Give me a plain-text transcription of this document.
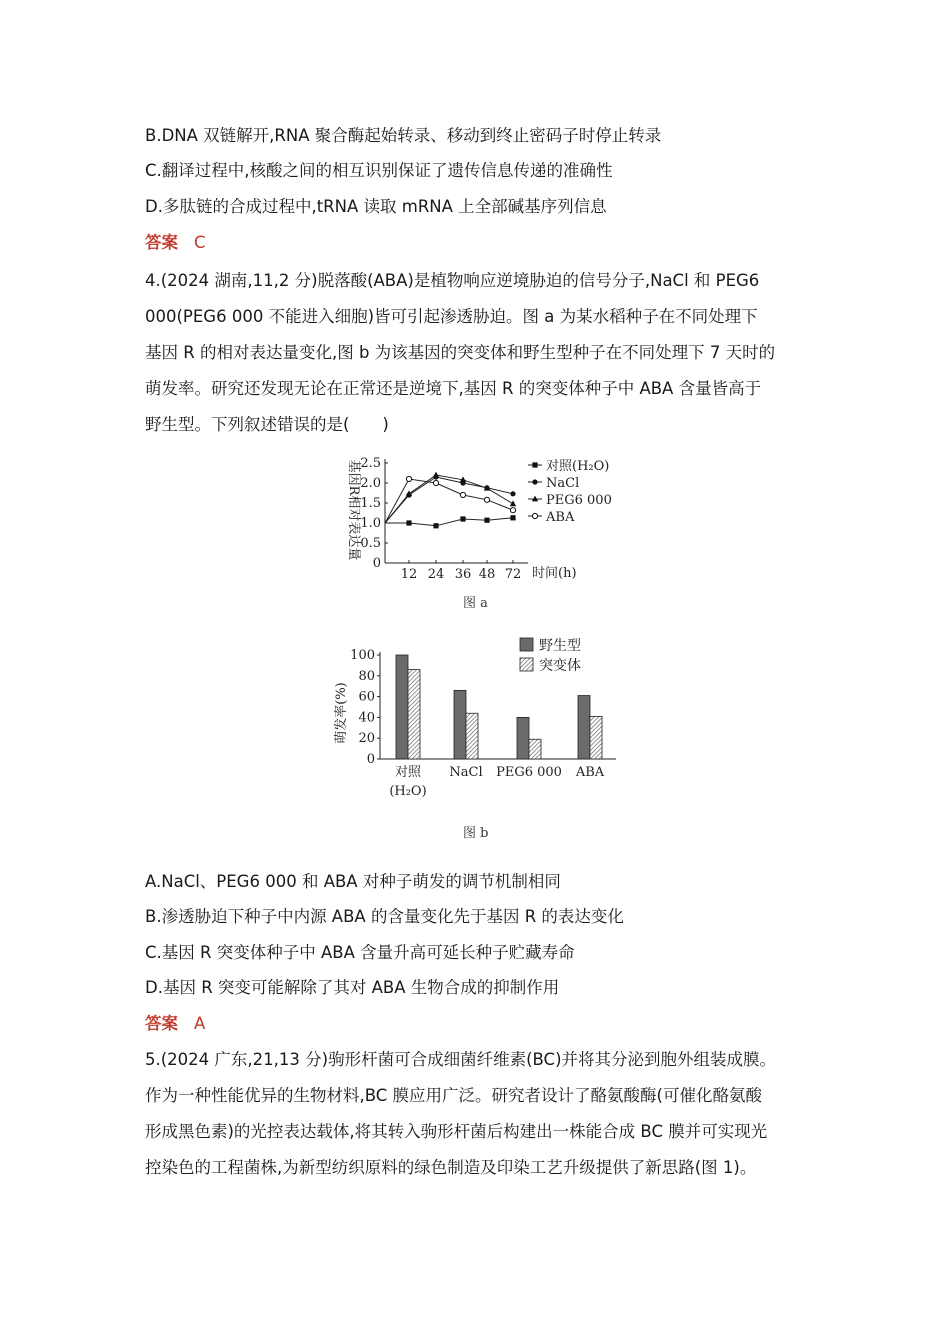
B.DNA 双链解开,RNA 聚合酶起始转录、移动到终止密码子时停止转录
C.翻译过程中,核酸之间的相互识别保证了遗传信息传递的准确性
D.多肽链的合成过程中,tRNA 读取 mRNA 上全部碱基序列信息
答案 C
4.(2024 湖南,11,2 分)脱落酸(ABA)是植物响应逆境胁迫的信号分子,NaCl 和 PEG6
000(PEG6 000 不能进入细胞)皆可引起渗透胁迫。图 a 为某水稻种子在不同处理下
基因 R 的相对表达量变化,图 b 为该基因的突变体和野生型种子在不同处理下 7 天时的
萌发率。研究还发现无论在正常还是逆境下,基因 R 的突变体种子中 ABA 含量皆高于
野生型。下列叙述错误的是(　　)
0
0.5
1.0
1.5
2.0
2.5
12 24 36 48 72
对照(H₂O)
NaCl
PEG6 000
ABA
基因R相对表达量
时间(h)
图 a
0
20
40
60
80
100
对照
(H₂O)
NaCl PEG6 000 ABA
野生型
突变体
萌发率(%)
图 b
A.NaCl、PEG6 000 和 ABA 对种子萌发的调节机制相同
B.渗透胁迫下种子中内源 ABA 的含量变化先于基因 R 的表达变化
C.基因 R 突变体种子中 ABA 含量升高可延长种子贮藏寿命
D.基因 R 突变可能解除了其对 ABA 生物合成的抑制作用
答案 A
5.(2024 广东,21,13 分)驹形杆菌可合成细菌纤维素(BC)并将其分泌到胞外组装成膜。
作为一种性能优异的生物材料,BC 膜应用广泛。研究者设计了酪氨酸酶(可催化酪氨酸
形成黑色素)的光控表达载体,将其转入驹形杆菌后构建出一株能合成 BC 膜并可实现光
控染色的工程菌株,为新型纺织原料的绿色制造及印染工艺升级提供了新思路(图 1)。
